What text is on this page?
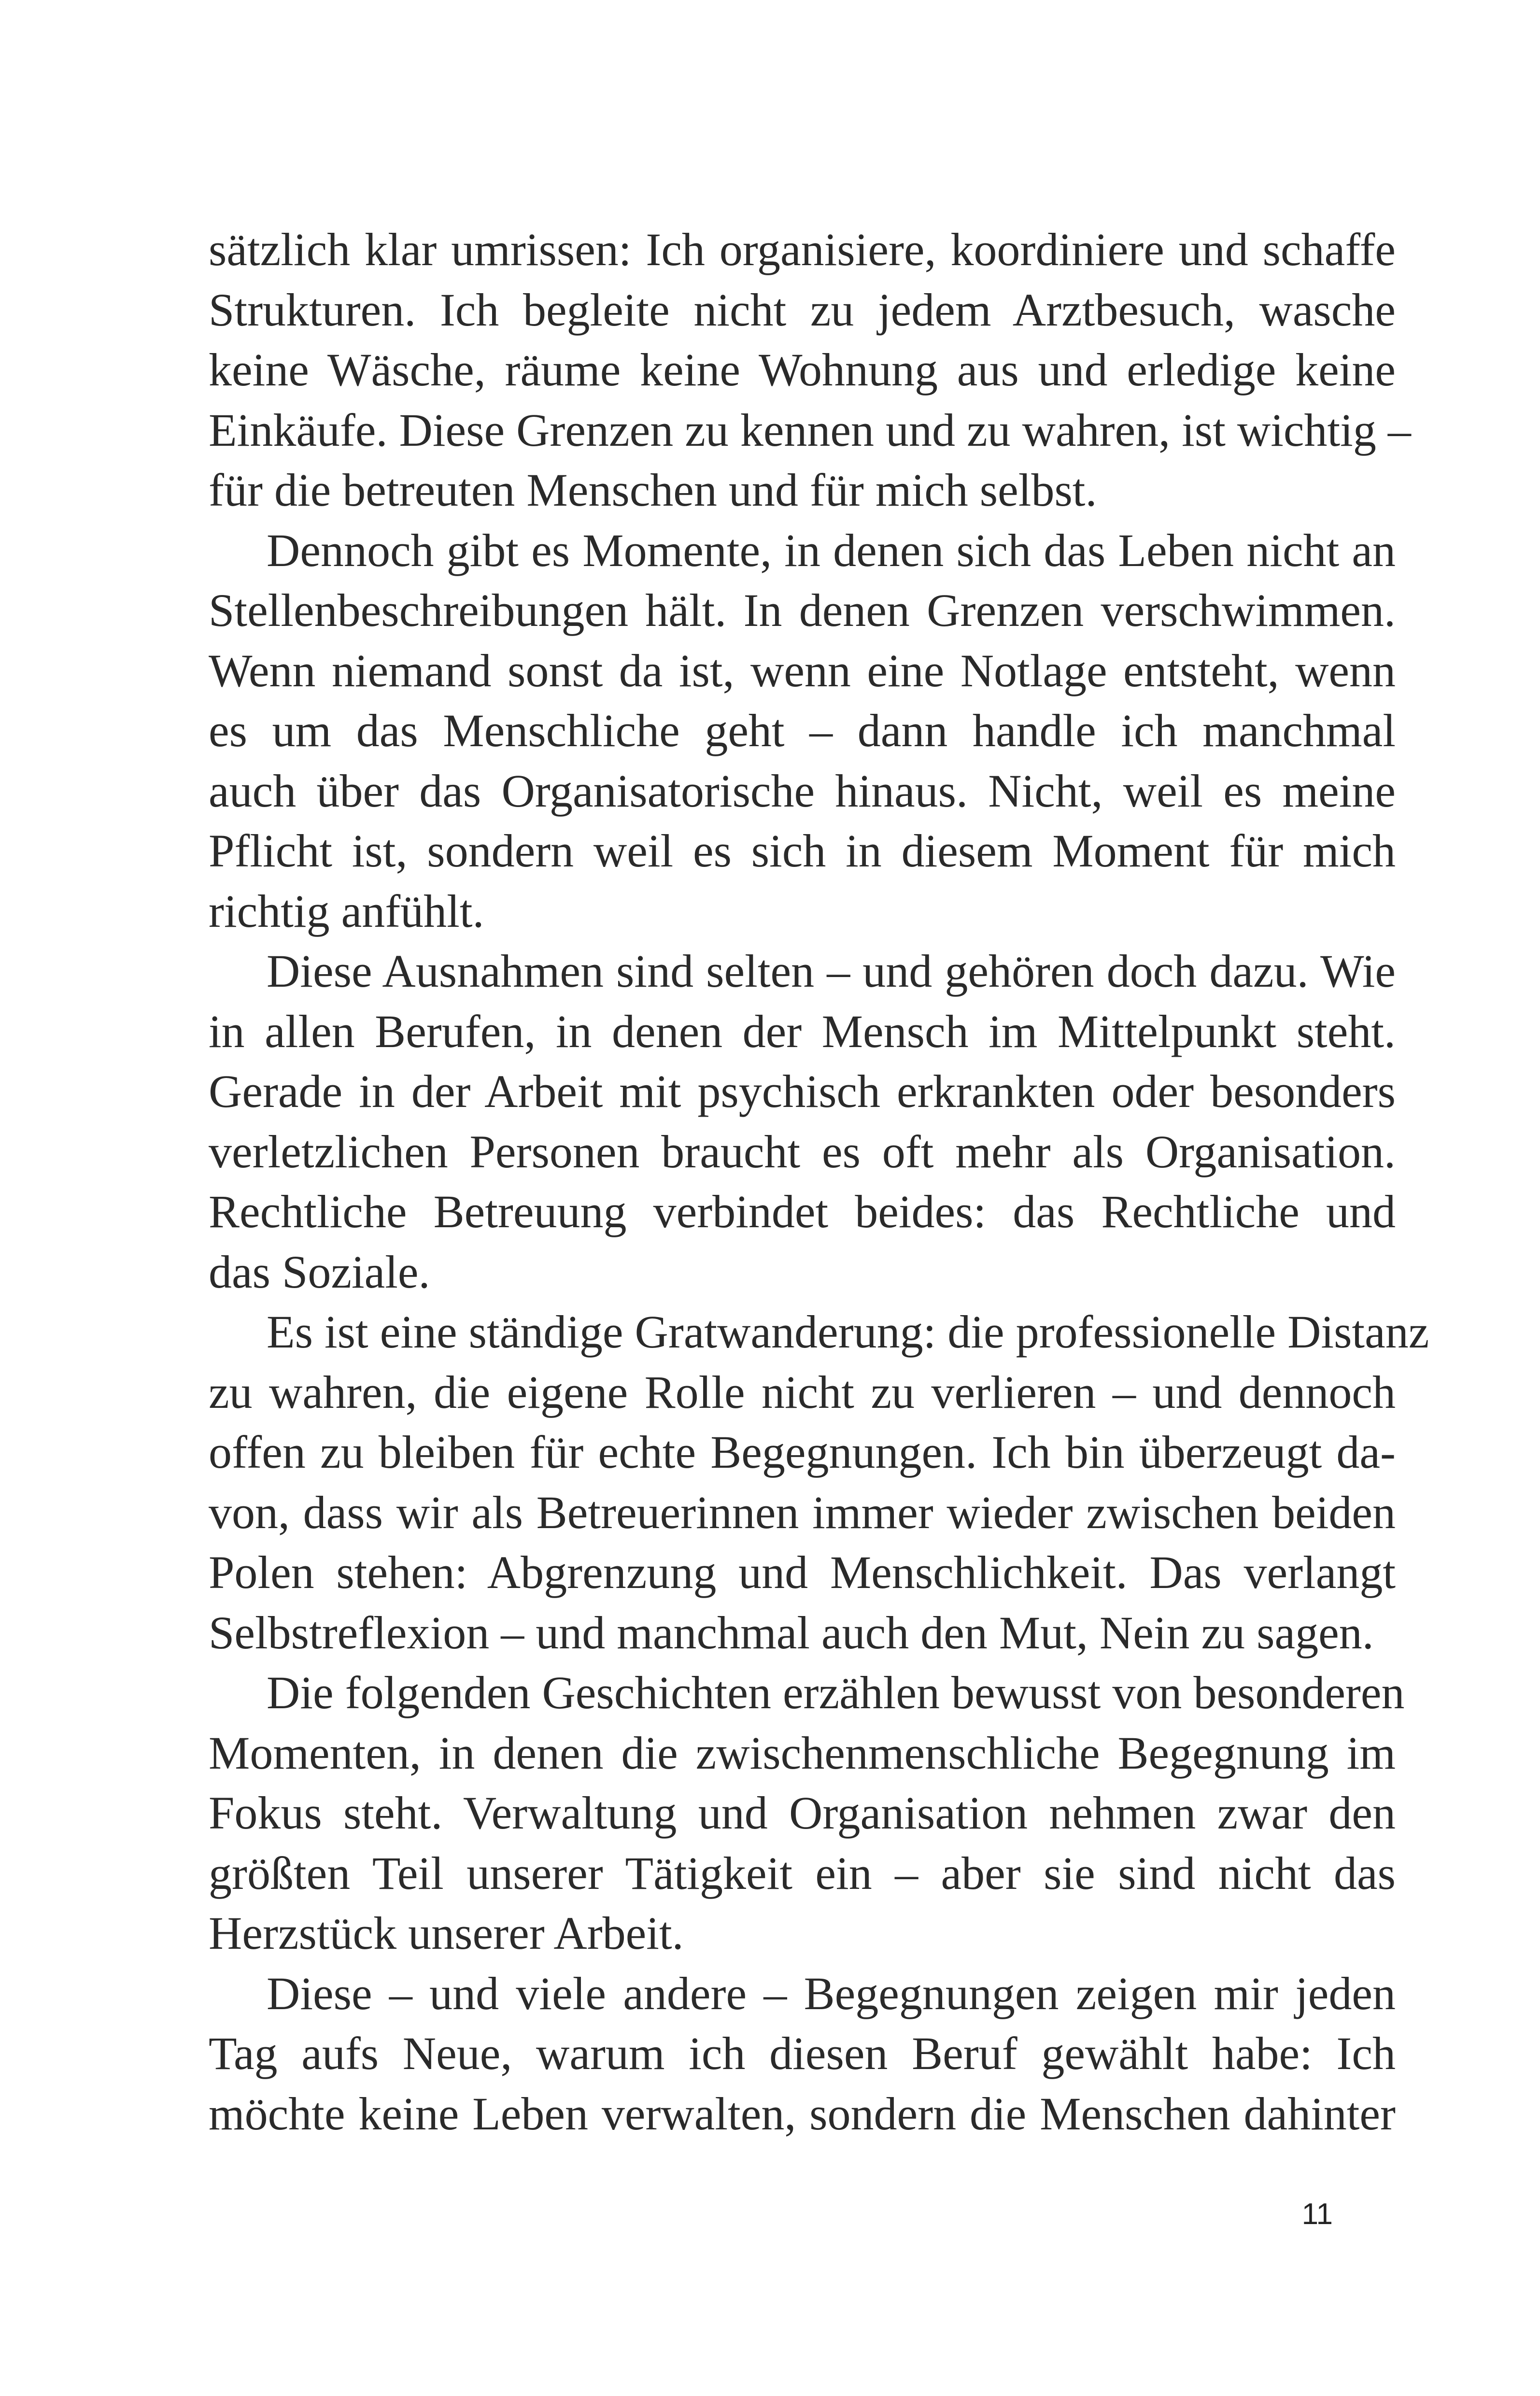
sätzlich klar umrissen: Ich organisiere, koordiniere und schaffe
Strukturen. Ich begleite nicht zu jedem Arztbesuch, wasche
keine Wäsche, räume keine Wohnung aus und erledige keine
Einkäufe. Diese Grenzen zu kennen und zu wahren, ist wichtig –
für die betreuten Menschen und für mich selbst.
Dennoch gibt es Momente, in denen sich das Leben nicht an
Stellenbeschreibungen hält. In denen Grenzen verschwimmen.
Wenn niemand sonst da ist, wenn eine Notlage entsteht, wenn
es um das Menschliche geht – dann handle ich manchmal
auch über das Organisatorische hinaus. Nicht, weil es meine
Pflicht ist, sondern weil es sich in diesem Moment für mich
richtig anfühlt.
Diese Ausnahmen sind selten – und gehören doch dazu. Wie
in allen Berufen, in denen der Mensch im Mittelpunkt steht.
Gerade in der Arbeit mit psychisch erkrankten oder besonders
verletzlichen Personen braucht es oft mehr als Organisation.
Rechtliche Betreuung verbindet beides: das Rechtliche und
das Soziale.
Es ist eine ständige Gratwanderung: die professionelle Distanz
zu wahren, die eigene Rolle nicht zu verlieren – und dennoch
offen zu bleiben für echte Begegnungen. Ich bin überzeugt da-
von, dass wir als Betreuerinnen immer wieder zwischen beiden
Polen stehen: Abgrenzung und Menschlichkeit. Das verlangt
Selbstreflexion – und manchmal auch den Mut, Nein zu sagen.
Die folgenden Geschichten erzählen bewusst von besonderen
Momenten, in denen die zwischenmenschliche Begegnung im
Fokus steht. Verwaltung und Organisation nehmen zwar den
größten Teil unserer Tätigkeit ein – aber sie sind nicht das
Herzstück unserer Arbeit.
Diese – und viele andere – Begegnungen zeigen mir jeden
Tag aufs Neue, warum ich diesen Beruf gewählt habe: Ich
möchte keine Leben verwalten, sondern die Menschen dahinter
11
